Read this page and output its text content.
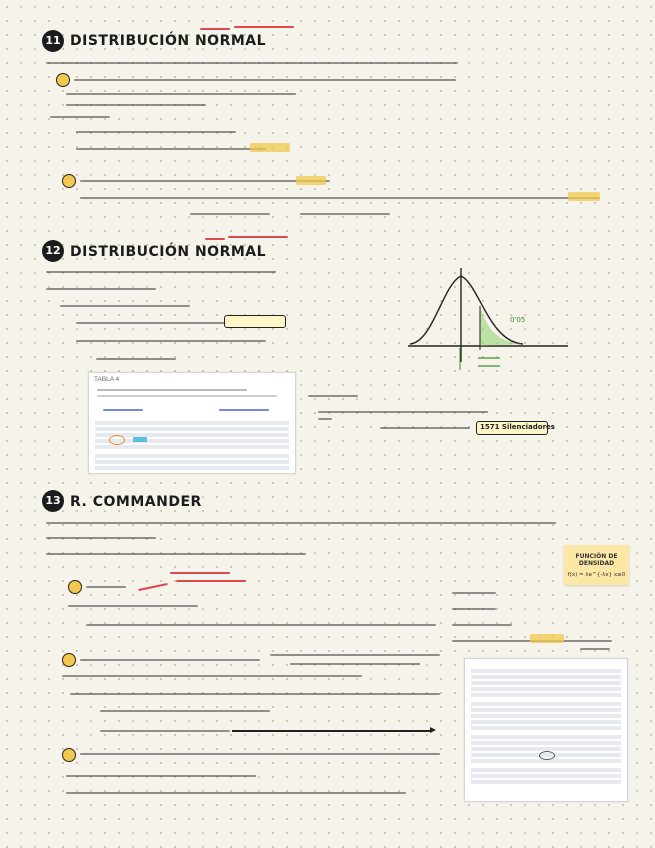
11 DISTRIBUCIÓN NORMAL
12 DISTRIBUCIÓN NORMAL
0'05
TABLA 4
1571 Silenciadores
13 R. COMMANDER
FUNCIÓN DE DENSIDAD
f(x) = λe^{-λx} x≥0
